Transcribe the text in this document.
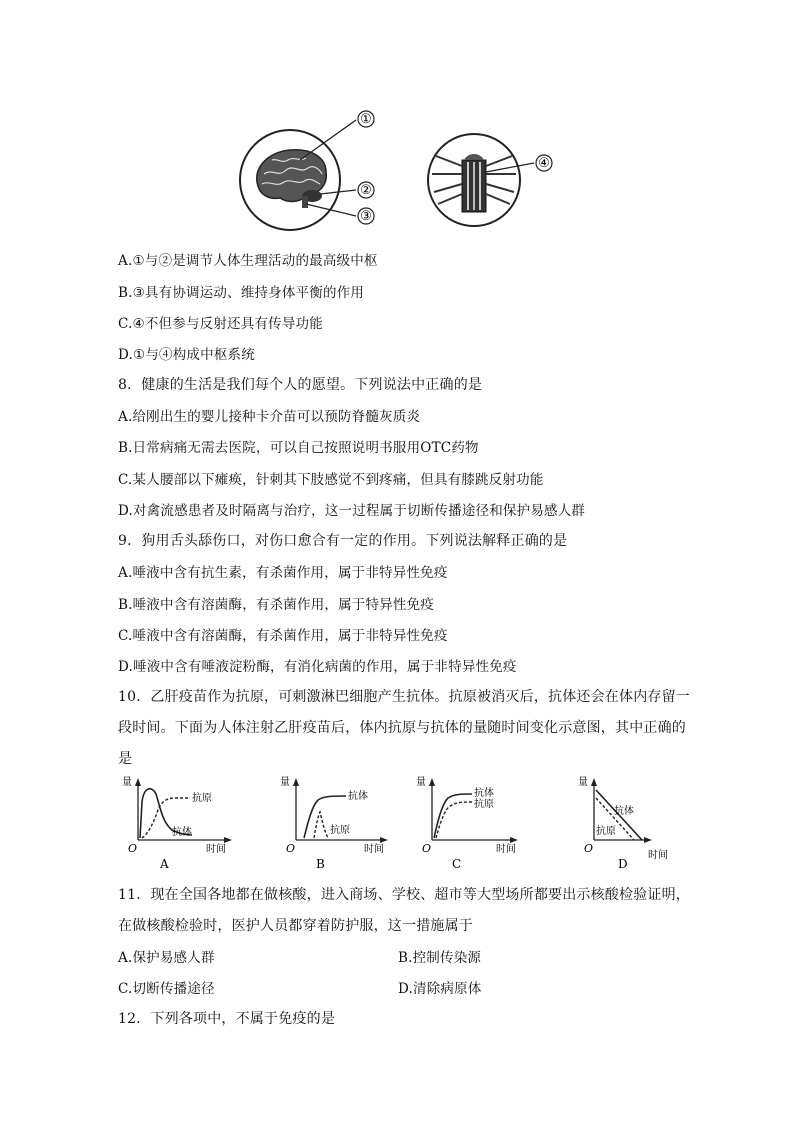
①
②
③
④
A.①与②是调节人体生理活动的最高级中枢
B.③具有协调运动、维持身体平衡的作用
C.④不但参与反射还具有传导功能
D.①与④构成中枢系统
8．健康的生活是我们每个人的愿望。下列说法中正确的是
A.给刚出生的婴儿接种卡介苗可以预防脊髓灰质炎
B.日常病痛无需去医院，可以自己按照说明书服用OTC药物
C.某人腰部以下瘫痪，针刺其下肢感觉不到疼痛，但具有膝跳反射功能
D.对禽流感患者及时隔离与治疗，这一过程属于切断传播途径和保护易感人群
9．狗用舌头舔伤口，对伤口愈合有一定的作用。下列说法解释正确的是
A.唾液中含有抗生素，有杀菌作用，属于非特异性免疫
B.唾液中含有溶菌酶，有杀菌作用，属于特异性免疫
C.唾液中含有溶菌酶，有杀菌作用，属于非特异性免疫
D.唾液中含有唾液淀粉酶，有消化病菌的作用，属于非特异性免疫
10．乙肝疫苗作为抗原，可刺激淋巴细胞产生抗体。抗原被消灭后，抗体还会在体内存留一
段时间。下面为人体注射乙肝疫苗后，体内抗原与抗体的量随时间变化示意图，其中正确的
是
量
O	时间
抗原
抗体
A
量
O	时间
抗体
抗原
B
量
O	时间
抗体
抗原
C
量
O
时间
抗体
抗原
D
11．现在全国各地都在做核酸，进入商场、学校、超市等大型场所都要出示核酸检验证明，
在做核酸检验时，医护人员都穿着防护服，这一措施属于
A.保护易感人群	B.控制传染源
C.切断传播途径	D.清除病原体
12．下列各项中，不属于免疫的是
